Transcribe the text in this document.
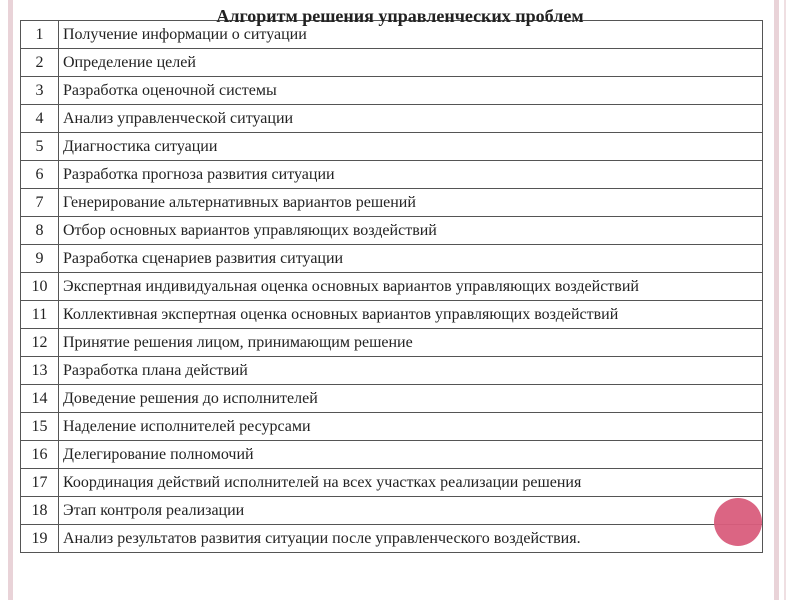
Алгоритм решения управленческих проблем
1	Получение информации о ситуации
2	Определение целей
3	Разработка оценочной системы
4	Анализ управленческой ситуации
5	Диагностика ситуации
6	Разработка прогноза развития ситуации
7	Генерирование альтернативных вариантов решений
8	Отбор основных вариантов управляющих воздействий
9	Разработка сценариев развития ситуации
10	Экспертная индивидуальная оценка основных вариантов управляющих воздействий
11	Коллективная экспертная оценка основных вариантов управляющих воздействий
12	Принятие решения лицом, принимающим решение
13	Разработка плана действий
14	Доведение решения до исполнителей
15	Наделение исполнителей ресурсами
16	Делегирование полномочий
17	Координация действий исполнителей на всех участках реализации решения
18	Этап контроля реализации
19	Анализ результатов развития ситуации после управленческого воздействия.
